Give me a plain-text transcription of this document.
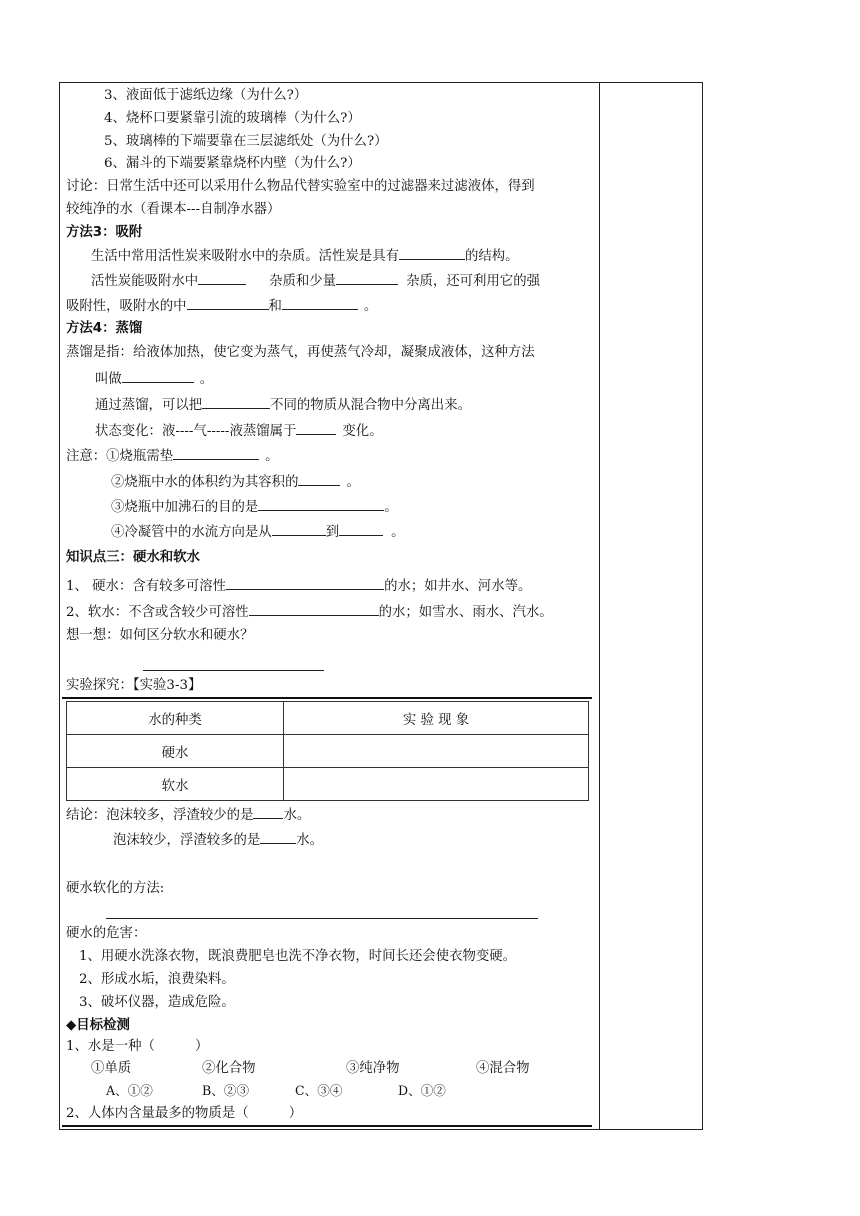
3、液面低于滤纸边缘（为什么?）
4、烧杯口要紧靠引流的玻璃棒（为什么?）
5、玻璃棒的下端要靠在三层滤纸处（为什么?）
6、漏斗的下端要紧靠烧杯内壁（为什么?）
讨论：日常生活中还可以采用什么物品代替实验室中的过滤器来过滤液体，得到
较纯净的水（看课本---自制净水器）
方法3：吸附
生活中常用活性炭来吸附水中的杂质。活性炭是具有	的结构。
活性炭能吸附水中	杂质和少量	杂质，还可利用它的强
吸附性，吸附水的中	和	。
方法4：蒸馏
蒸馏是指：给液体加热，使它变为蒸气，再使蒸气冷却，凝聚成液体，这种方法
叫做	。
通过蒸馏，可以把	不同的物质从混合物中分离出来。
状态变化：液----气-----液蒸馏属于	变化。
注意：①烧瓶需垫	。
②烧瓶中水的体积约为其容积的	。
③烧瓶中加沸石的目的是	。
④冷凝管中的水流方向是从	到	。
知识点三：硬水和软水
1、 硬水：含有较多可溶性	的水；如井水、河水等。
2、软水：不含或含较少可溶性	的水；如雪水、雨水、汽水。
想一想：如何区分软水和硬水？
实验探究：【实验3-3】
水的种类	实 验 现 象
硬水	
软水	
结论：泡沫较多，浮渣较少的是 水。
泡沫较少，浮渣较多的是	水。
硬水软化的方法:
硬水的危害：
1、用硬水洗涤衣物，既浪费肥皂也洗不净衣物，时间长还会使衣物变硬。
2、形成水垢，浪费染料。
3、破坏仪器，造成危险。
◆目标检测
1、水是一种（　　　）
①单质	②化合物	③纯净物	④混合物
A、①②	B、②③	C、③④	D、①②
2、人体内含量最多的物质是（　　　）
